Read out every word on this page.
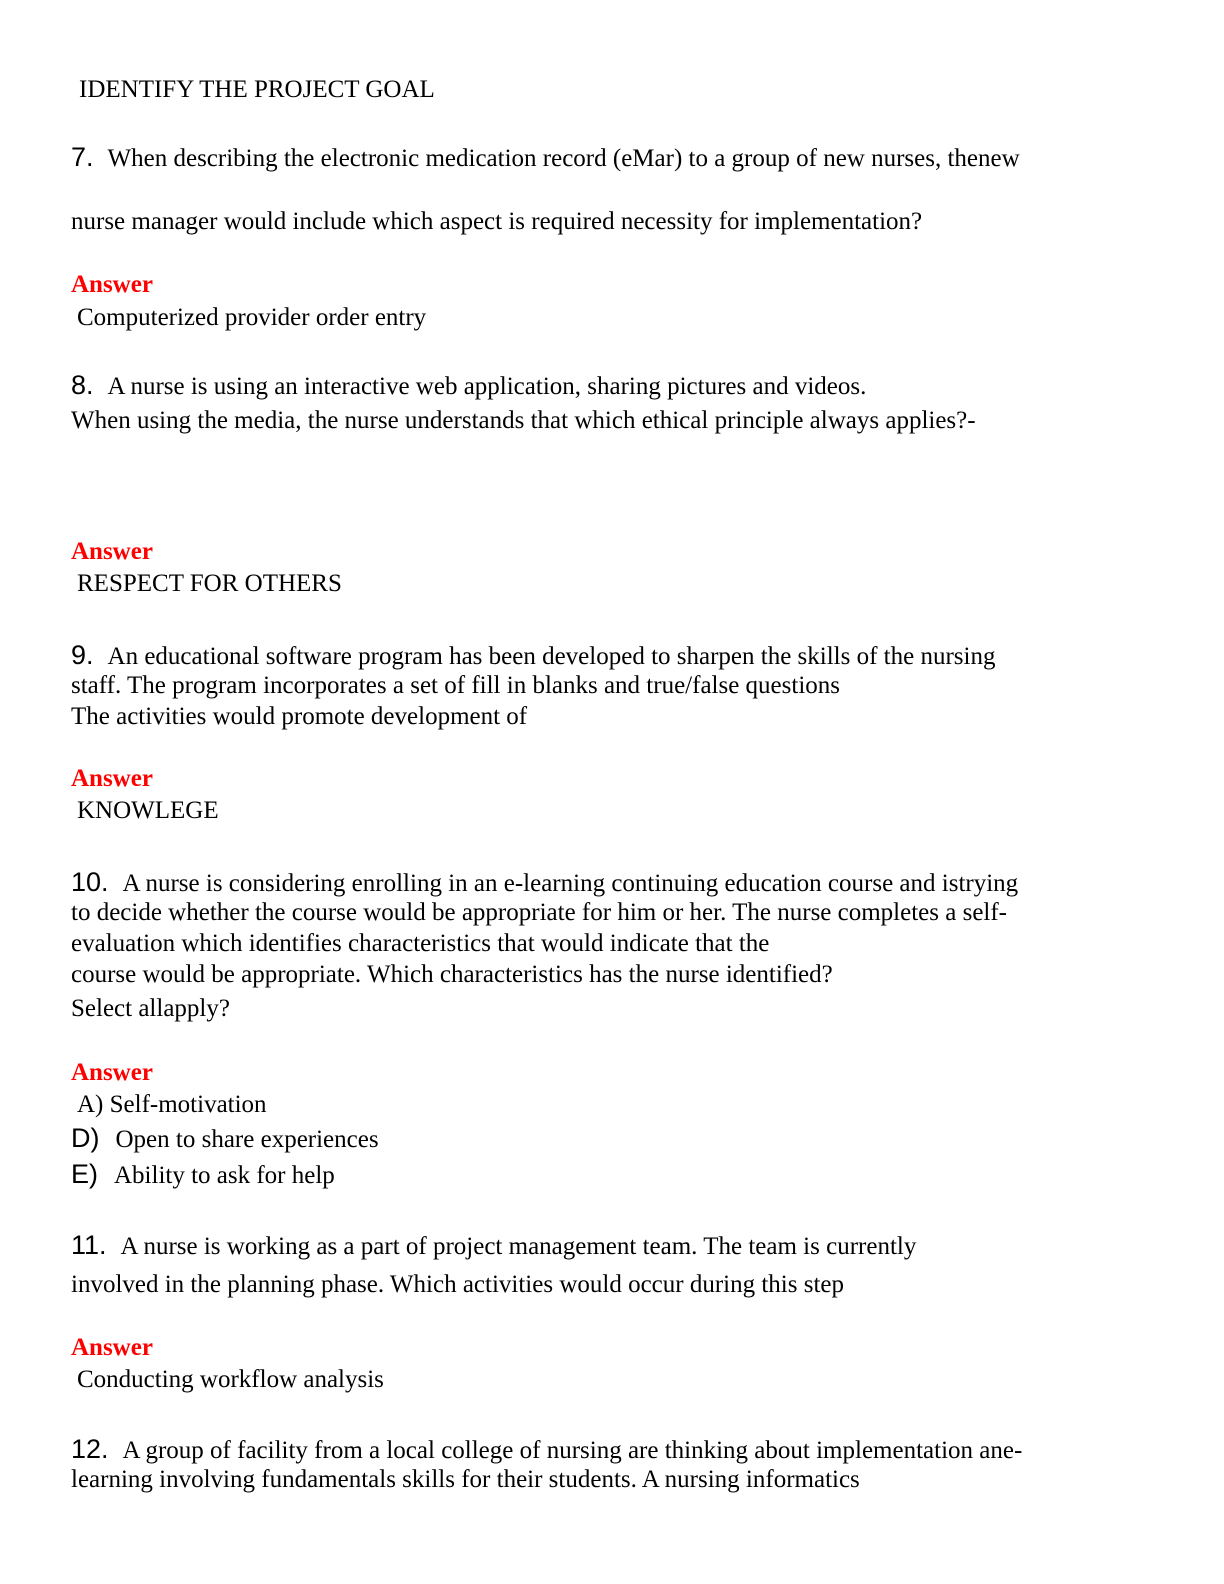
IDENTIFY THE PROJECT GOAL
7. When describing the electronic medication record (eMar) to a group of new nurses, thenew
nurse manager would include which aspect is required necessity for implementation?
Answer
Computerized provider order entry
8. A nurse is using an interactive web application, sharing pictures and videos.
When using the media, the nurse understands that which ethical principle always applies?-
Answer
RESPECT FOR OTHERS
9. An educational software program has been developed to sharpen the skills of the nursing
staff. The program incorporates a set of fill in blanks and true/false questions
The activities would promote development of
Answer
KNOWLEGE
10. A nurse is considering enrolling in an e-learning continuing education course and istrying
to decide whether the course would be appropriate for him or her. The nurse completes a self-
evaluation which identifies characteristics that would indicate that the
course would be appropriate. Which characteristics has the nurse identified?
Select allapply?
Answer
A) Self-motivation
D) Open to share experiences
E) Ability to ask for help
11. A nurse is working as a part of project management team. The team is currently
involved in the planning phase. Which activities would occur during this step
Answer
Conducting workflow analysis
12. A group of facility from a local college of nursing are thinking about implementation ane-
learning involving fundamentals skills for their students. A nursing informatics
